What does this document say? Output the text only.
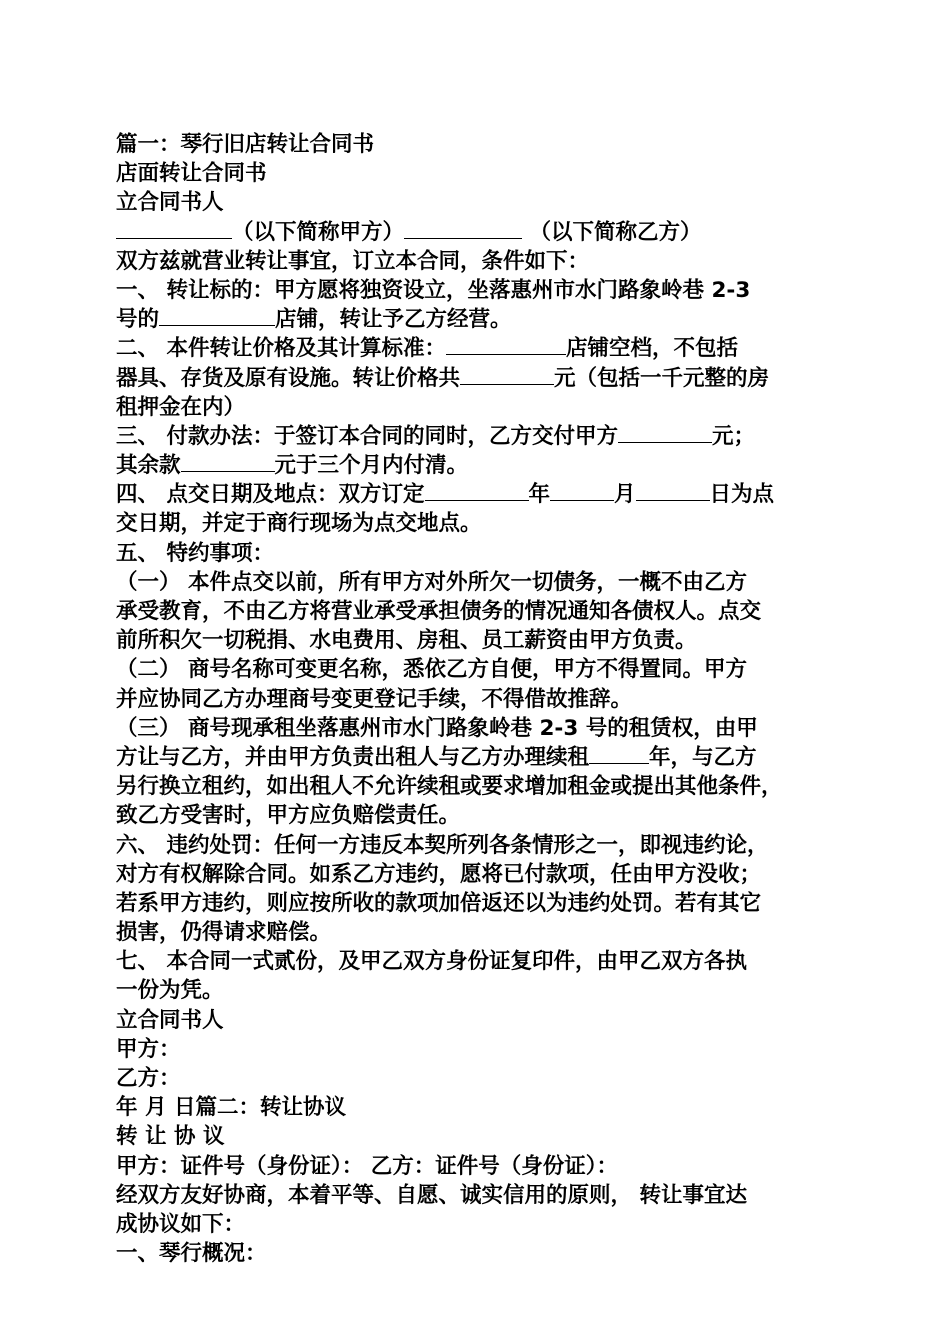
篇一：琴行旧店转让合同书
店面转让合同书
立合同书人
（以下简称甲方）	（以下简称乙方）
双方兹就营业转让事宜，订立本合同，条件如下：
一、 转让标的：甲方愿将独资设立，坐落惠州市水门路象岭巷 2-3
号的	店铺，转让予乙方经营。
二、 本件转让价格及其计算标准：	店铺空档，不包括
器具、存货及原有设施。转让价格共	元（包括一千元整的房
租押金在内）
三、 付款办法：于签订本合同的同时，乙方交付甲方	元；
其余款	元于三个月内付清。
四、 点交日期及地点：双方订定	年	月	日为点
交日期，并定于商行现场为点交地点。
五、 特约事项：
（一） 本件点交以前，所有甲方对外所欠一切债务，一概不由乙方
承受教育，不由乙方将营业承受承担债务的情况通知各债权人。点交
前所积欠一切税捐、水电费用、房租、员工薪资由甲方负责。
（二） 商号名称可变更名称，悉依乙方自便，甲方不得置同。甲方
并应协同乙方办理商号变更登记手续，不得借故推辞。
（三） 商号现承租坐落惠州市水门路象岭巷 2-3 号的租赁权，由甲
方让与乙方，并由甲方负责出租人与乙方办理续租	年，与乙方
另行换立租约，如出租人不允许续租或要求增加租金或提出其他条件，
致乙方受害时，甲方应负赔偿责任。
六、 违约处罚：任何一方违反本契所列各条情形之一，即视违约论，
对方有权解除合同。如系乙方违约，愿将已付款项，任由甲方没收；
若系甲方违约，则应按所收的款项加倍返还以为违约处罚。若有其它
损害，仍得请求赔偿。
七、 本合同一式贰份，及甲乙双方身份证复印件，由甲乙双方各执
一份为凭。
立合同书人
甲方：
乙方：
年 月 日篇二：转让协议
转 让 协 议
甲方：证件号（身份证）： 乙方：证件号（身份证）：
经双方友好协商，本着平等、自愿、诚实信用的原则， 转让事宜达
成协议如下：
一、琴行概况：
